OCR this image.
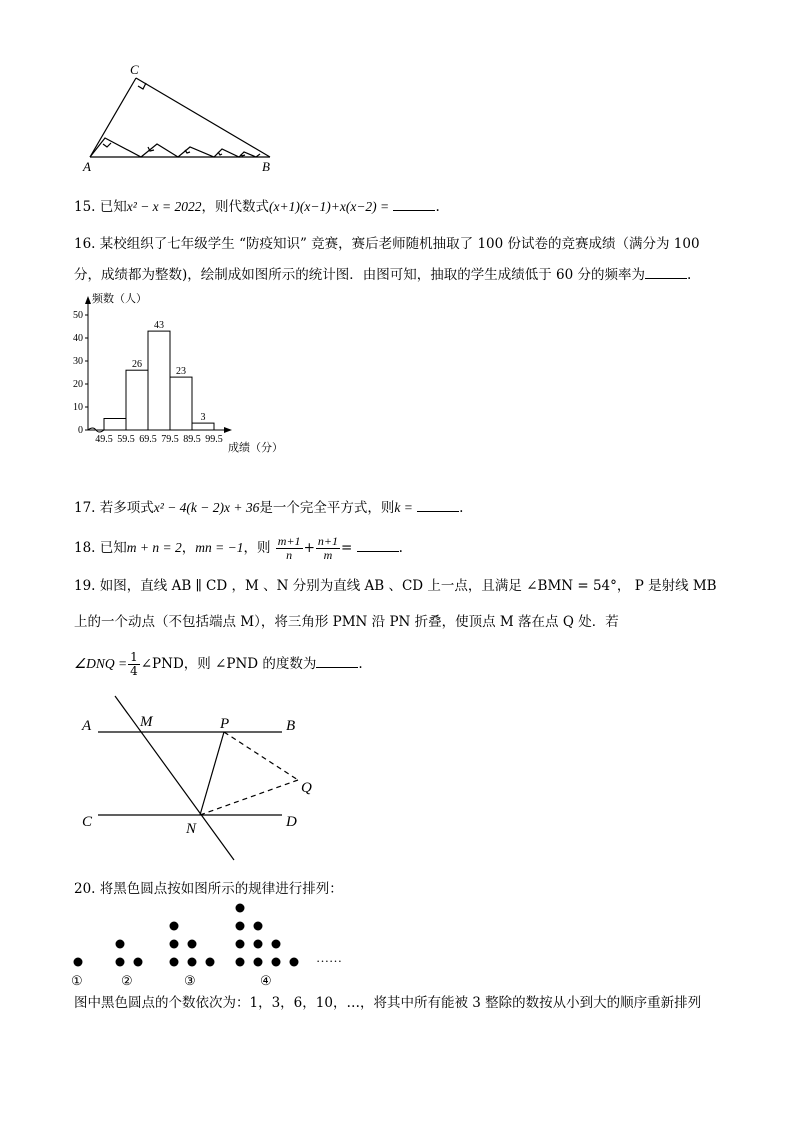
C
A	B
15. 已知x² − x = 2022，则代数式(x+1)(x−1)+x(x−2) =	.
16. 某校组织了七年级学生 “防疫知识” 竞赛，赛后老师随机抽取了 100 份试卷的竞赛成绩（满分为 100
分，成绩都为整数)，绘制成如图所示的统计图．由图可知，抽取的学生成绩低于 60 分的频率为	.
频数（人）
0
10
20
30
40
50
26
43
23
3
49.5 59.5 69.5 79.5 89.5 99.5
成绩（分）
17. 若多项式x² − 4(k − 2)x + 36是一个完全平方式，则k =	.
18. 已知m + n = 2，mn = −1，则 $\frac{m+1}{n} + \frac{n+1}{m}$ =	.
19. 如图，直线 AB ∥ CD ，M 、N 分别为直线 AB 、CD 上一点，且满足 ∠BMN = 54°， P 是射线 MB
上的一个动点（不包括端点 M），将三角形 PMN 沿 PN 折叠，使顶点 M 落在点 Q 处．若
∠DNQ = $\frac{1}{4}$ ∠PND，则 ∠PND 的度数为	.
A	M	P	B
Q
C	N	D
20. 将黑色圆点按如图所示的规律进行排列：
①	②	③	④
……
图中黑色圆点的个数依次为：1，3，6，10，…，将其中所有能被 3 整除的数按从小到大的顺序重新排列
